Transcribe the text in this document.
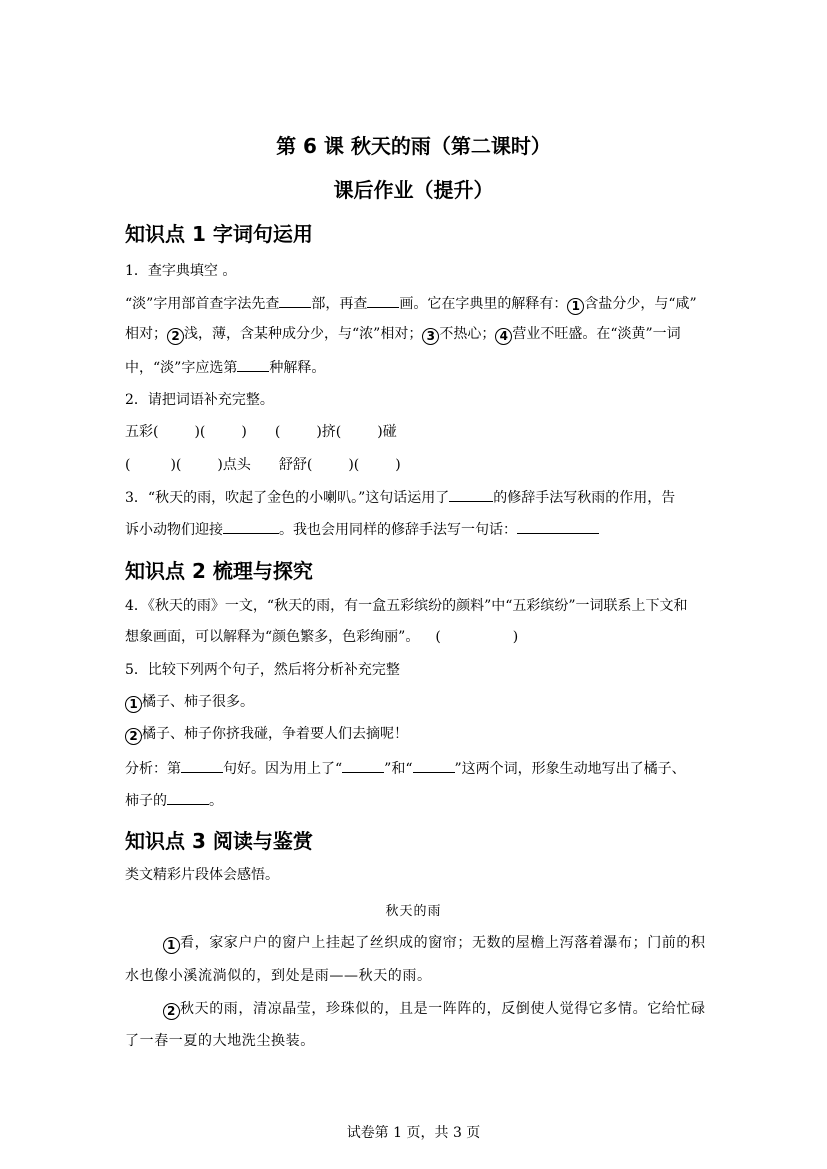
第 6 课 秋天的雨（第二课时）
课后作业（提升）
知识点 1 字词句运用
1．查字典填空 。
“淡”字用部首查字法先查 部，再查 画。它在字典里的解释有： 1 含盐分少，与“咸”
相对； 2 浅，薄，含某种成分少，与“浓”相对； 3 不热心； 4 营业不旺盛。在“淡黄”一词
中，“淡”字应选第 种解释。
2．请把词语补充完整。
五彩(	)(	) (	)挤(	)碰
(	)(	)点头 舒舒(	)(	)
3．“秋天的雨，吹起了金色的小喇叭。”这句话运用了	的修辞手法写秋雨的作用，告
诉小动物们迎接	。我也会用同样的修辞手法写一句话：
知识点 2 梳理与探究
4．《秋天的雨》一文，“秋天的雨，有一盒五彩缤纷的颜料”中“五彩缤纷”一词联系上下文和
想象画面，可以解释为“颜色繁多，色彩绚丽”。 (	)
5．比较下列两个句子，然后将分析补充完整
1 橘子、柿子很多。
2 橘子、柿子你挤我碰，争着要人们去摘呢！
分析：第	句好。因为用上了“	”和“	”这两个词，形象生动地写出了橘子、
柿子的	。
知识点 3 阅读与鉴赏
类文精彩片段体会感悟。
秋天的雨
1 看，家家户户的窗户上挂起了丝织成的窗帘；无数的屋檐上泻落着瀑布；门前的积
水也像小溪流淌似的，到处是雨——秋天的雨。
2 秋天的雨，清凉晶莹，珍珠似的，且是一阵阵的，反倒使人觉得它多情。它给忙碌
了一春一夏的大地洗尘换装。
试卷第 1 页，共 3 页
